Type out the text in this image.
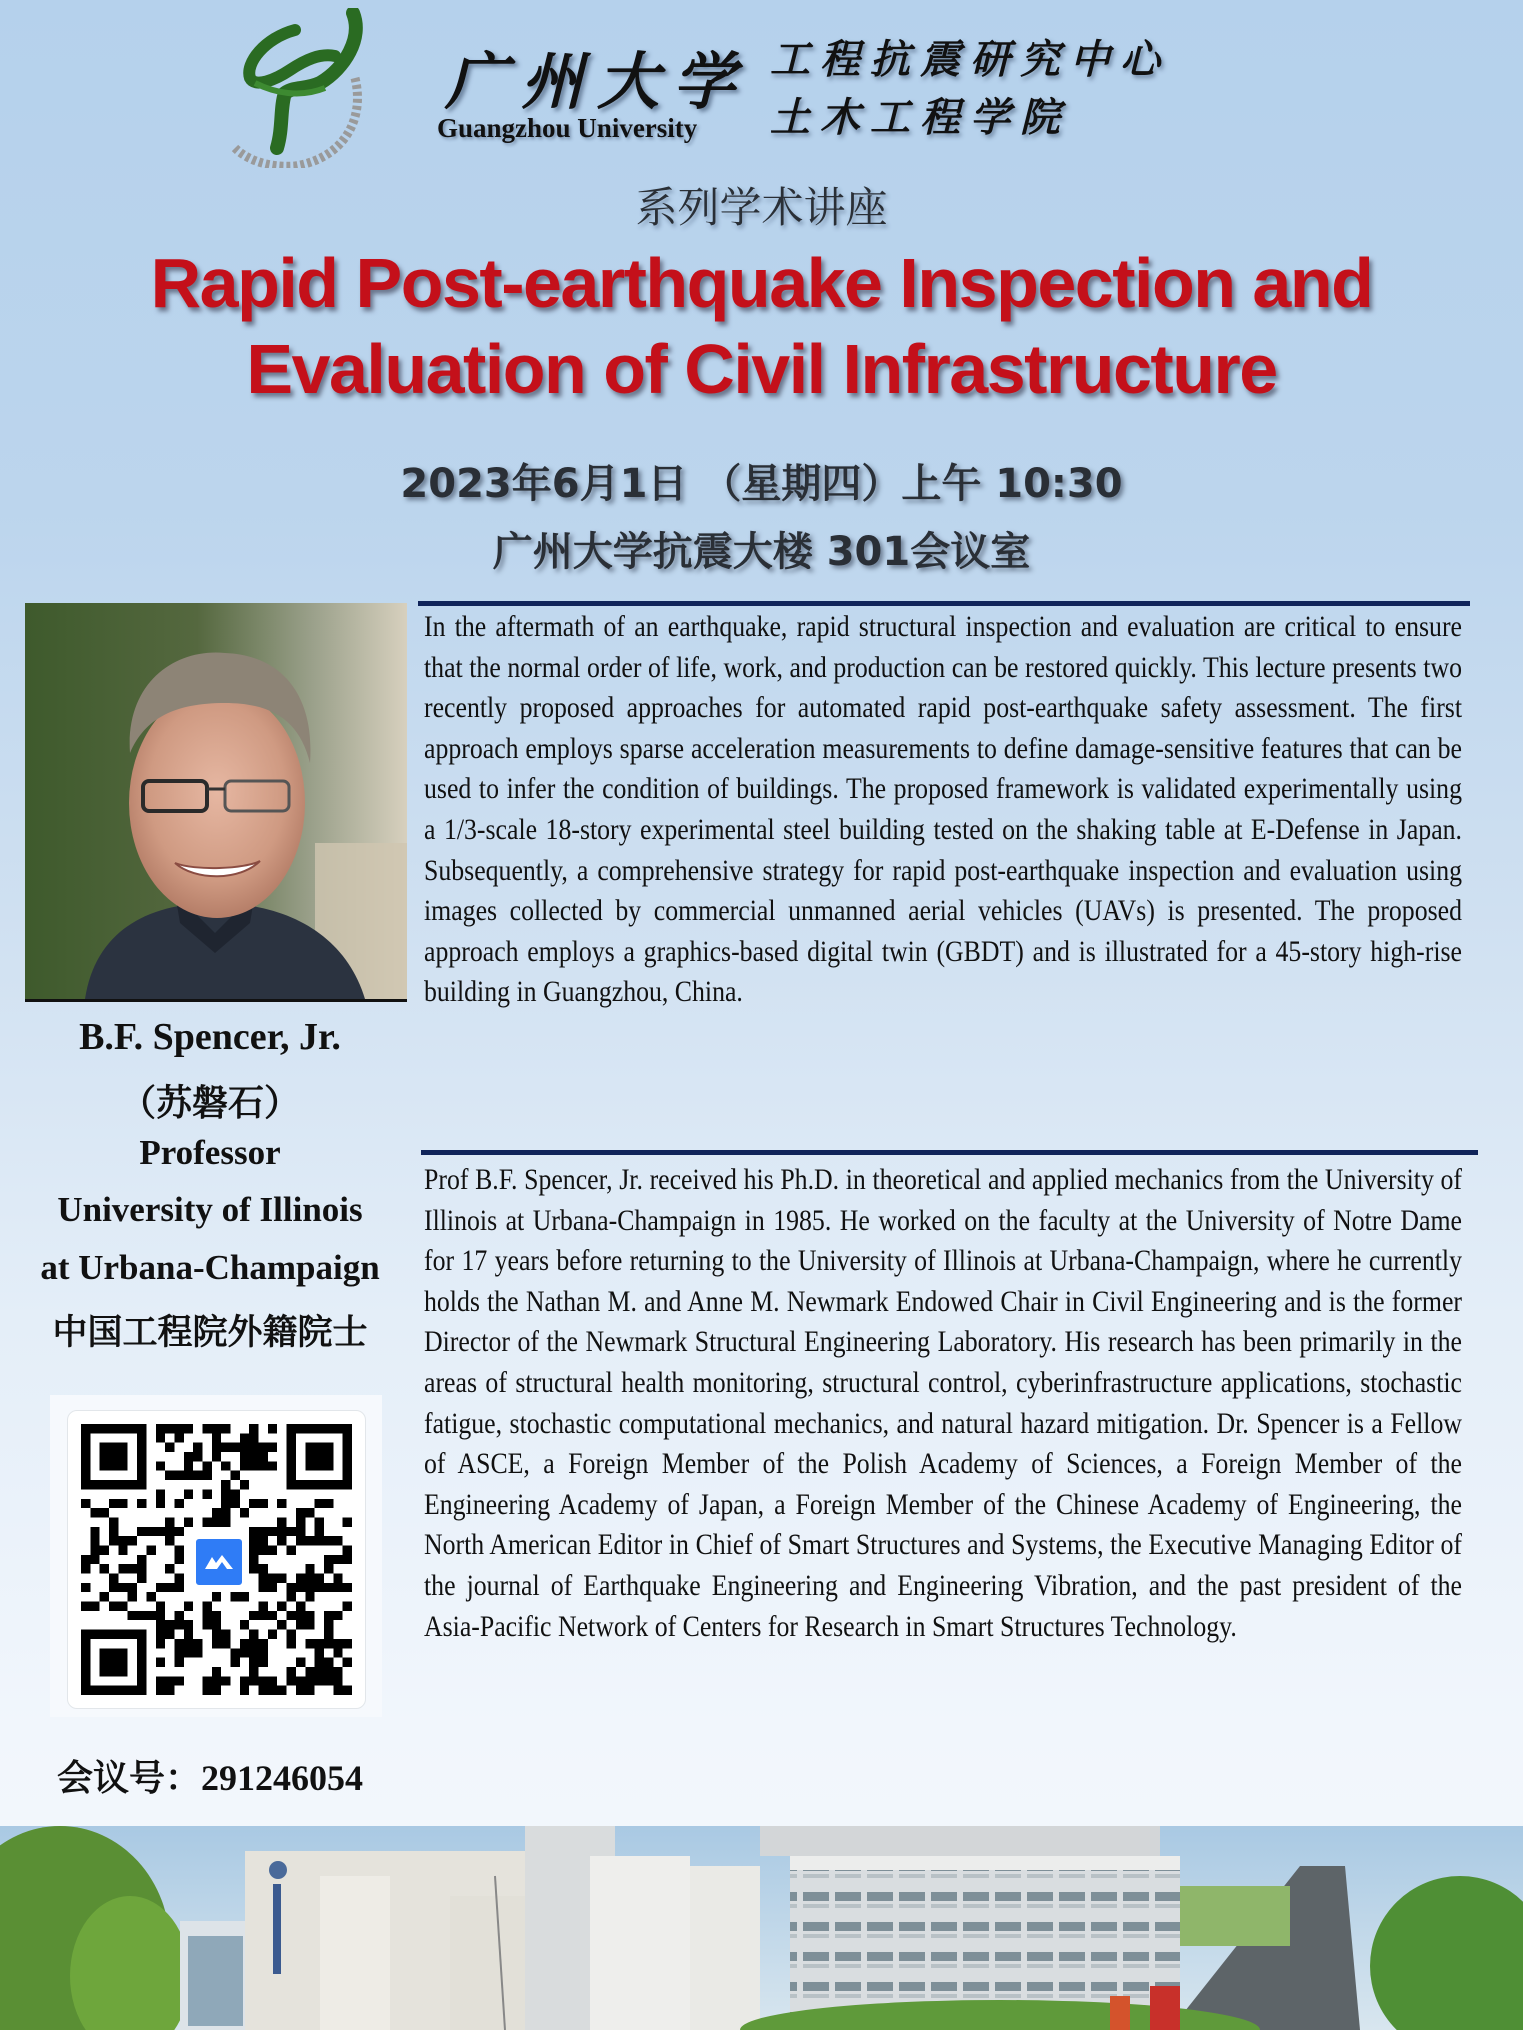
广州大学
Guangzhou University
工程抗震研究中心
土木工程学院
系列学术讲座
Rapid Post-earthquake Inspection and
Evaluation of Civil Infrastructure
2023年6月1日 （星期四）上午 10:30
广州大学抗震大楼 301会议室
B.F. Spencer, Jr.
（苏磐石）
Professor
University of Illinois
at Urbana-Champaign
中国工程院外籍院士
会议号：291246054
In the aftermath of an earthquake, rapid structural inspection and evaluation are critical to ensure that the normal order of life, work, and production can be restored quickly. This lecture presents two recently proposed approaches for automated rapid post-earthquake safety assessment. The first approach employs sparse acceleration measurements to define damage-sensitive features that can be used to infer the condition of buildings. The proposed framework is validated experimentally using a 1/3-scale 18-story experimental steel building tested on the shaking table at E-Defense in Japan. Subsequently, a comprehensive strategy for rapid post-earthquake inspection and evaluation using images collected by commercial unmanned aerial vehicles (UAVs) is presented. The proposed approach employs a graphics-based digital twin (GBDT) and is illustrated for a 45-story high-rise building in Guangzhou, China.
Prof B.F. Spencer, Jr. received his Ph.D. in theoretical and applied mechanics from the University of Illinois at Urbana-Champaign in 1985. He worked on the faculty at the University of Notre Dame for 17 years before returning to the University of Illinois at Urbana-Champaign, where he currently holds the Nathan M. and Anne M. Newmark Endowed Chair in Civil Engineering and is the former Director of the Newmark Structural Engineering Laboratory. His research has been primarily in the areas of structural health monitoring, structural control, cyberinfrastructure applications, stochastic fatigue, stochastic computational mechanics, and natural hazard mitigation. Dr. Spencer is a Fellow of ASCE, a Foreign Member of the Polish Academy of Sciences, a Foreign Member of the Engineering Academy of Japan, a Foreign Member of the Chinese Academy of Engineering, the North American Editor in Chief of Smart Structures and Systems, the Executive Managing Editor of the journal of Earthquake Engineering and Engineering Vibration, and the past president of the Asia-Pacific Network of Centers for Research in Smart Structures Technology.
